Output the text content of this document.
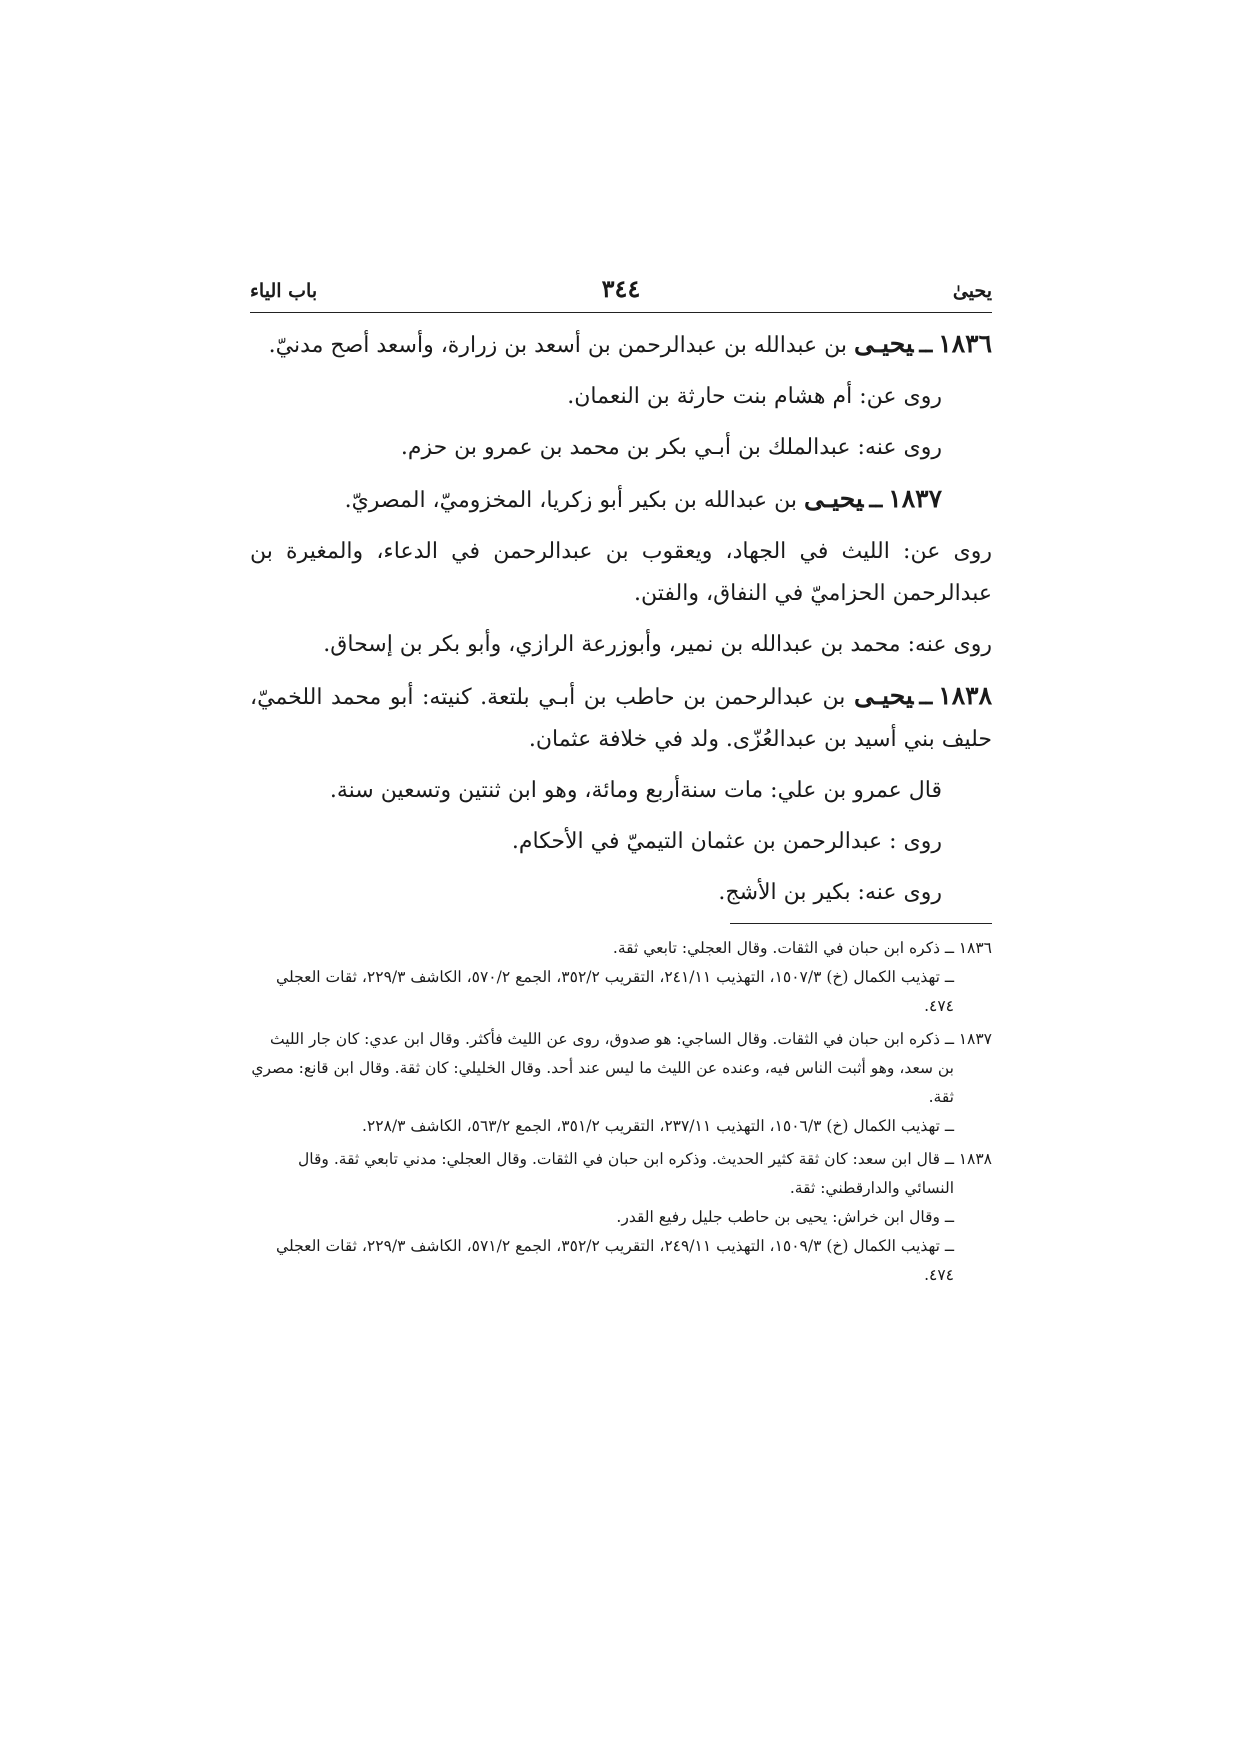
يحيىٰ
٣٤٤
باب الياء

١٨٣٦ــيحيـى بن عبدالله بن عبدالرحمن بن أسعد بن زرارة، وأسعد أصح مدنيّ.

روى عن: أم هشام بنت حارثة بن النعمان.

روى عنه: عبدالملك بن أبـي بكر بن محمد بن عمرو بن حزم.

١٨٣٧ــيحيـى بن عبدالله بن بكير أبو زكريا، المخزوميّ، المصريّ.

روى عن: الليث في الجهاد، ويعقوب بن عبدالرحمن في الدعاء، والمغيرة بن عبدالرحمن الحزاميّ في النفاق، والفتن.

روى عنه: محمد بن عبدالله بن نمير، وأبوزرعة الرازي، وأبو بكر بن إسحاق.

١٨٣٨ــيحيـى بن عبدالرحمن بن حاطب بن أبـي بلتعة. كنيته: أبو محمد اللخميّ، حليف بني أسيد بن عبدالعُزّى. ولد في خلافة عثمان.

قال عمرو بن علي: مات سنةأربع ومائة، وهو ابن ثنتين وتسعين سنة.

روى : عبدالرحمن بن عثمان التيميّ في الأحكام.

روى عنه: بكير بن الأشج.

١٨٣٦
ــ ذكره ابن حبان في الثقات. وقال العجلي: تابعي ثقة.
ــ تهذيب الكمال (خ) ١٥٠٧/٣، التهذيب ٢٤١/١١، التقريب ٣٥٢/٢، الجمع ٥٧٠/٢، الكاشف ٢٢٩/٣، ثقات العجلي ٤٧٤.
١٨٣٧
ــ ذكره ابن حبان في الثقات. وقال الساجي: هو صدوق، روى عن الليث فأكثر. وقال ابن عدي: كان جار الليث بن سعد، وهو أثبت الناس فيه، وعنده عن الليث ما ليس عند أحد. وقال الخليلي: كان ثقة. وقال ابن قانع: مصري ثقة.
ــ تهذيب الكمال (خ) ١٥٠٦/٣، التهذيب ٢٣٧/١١، التقريب ٣٥١/٢، الجمع ٥٦٣/٢، الكاشف ٢٢٨/٣.
١٨٣٨
ــ قال ابن سعد: كان ثقة كثير الحديث. وذكره ابن حبان في الثقات. وقال العجلي: مدني تابعي ثقة. وقال النسائي والدارقطني: ثقة.
ــ وقال ابن خراش: يحيى بن حاطب جليل رفيع القدر.
ــ تهذيب الكمال (خ) ١٥٠٩/٣، التهذيب ٢٤٩/١١، التقريب ٣٥٢/٢، الجمع ٥٧١/٢، الكاشف ٢٢٩/٣، ثقات العجلي ٤٧٤.
